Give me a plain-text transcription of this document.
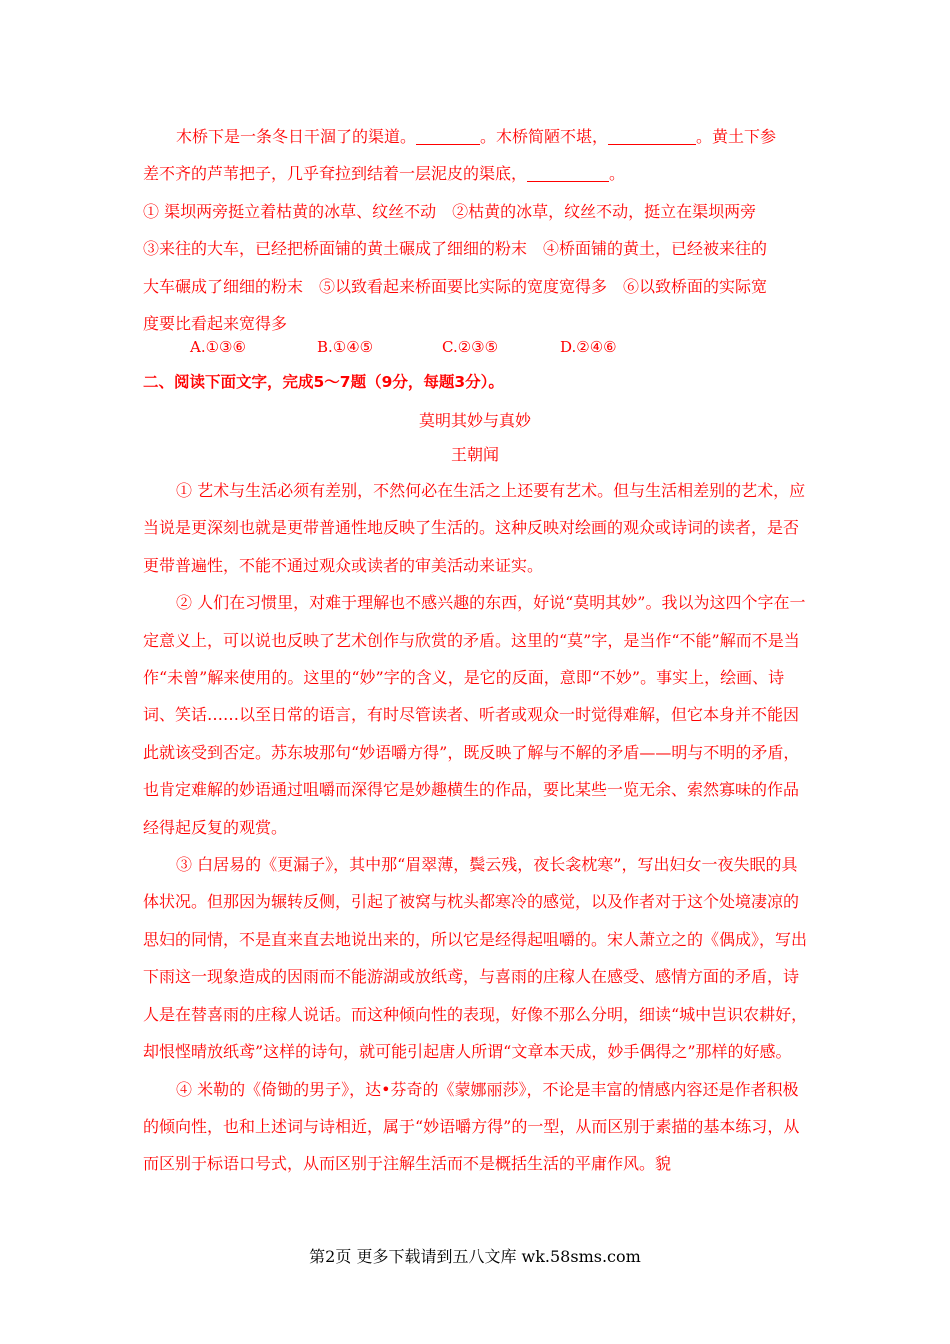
木桥下是一条冬日干涸了的渠道。	。木桥简陋不堪，	。黄土下参

差不齐的芦苇把子，几乎耷拉到结着一层泥皮的渠底，	。

① 渠坝两旁挺立着枯黄的冰草、纹丝不动　②枯黄的冰草，纹丝不动，挺立在渠坝两旁

③来往的大车，已经把桥面铺的黄土碾成了细细的粉末　④桥面铺的黄土，已经被来往的

大车碾成了细细的粉末　⑤以致看起来桥面要比实际的宽度宽得多　⑥以致桥面的实际宽

度要比看起来宽得多

A.①③⑥	B.①④⑤	C.②③⑤	D.②④⑥
二、阅读下面文字，完成5～7题（9分，每题3分）。
莫明其妙与真妙
王朝闻

① 艺术与生活必须有差别，不然何必在生活之上还要有艺术。但与生活相差别的艺术，应当说是更深刻也就是更带普通性地反映了生活的。这种反映对绘画的观众或诗词的读者，是否更带普遍性，不能不通过观众或读者的审美活动来证实。

② 人们在习惯里，对难于理解也不感兴趣的东西，好说“莫明其妙”。我以为这四个字在一定意义上，可以说也反映了艺术创作与欣赏的矛盾。这里的“莫”字，是当作“不能”解而不是当作“未曾”解来使用的。这里的“妙”字的含义，是它的反面，意即“不妙”。事实上，绘画、诗词、笑话……以至日常的语言，有时尽管读者、听者或观众一时觉得难解，但它本身并不能因此就该受到否定。苏东坡那句“妙语嚼方得”，既反映了解与不解的矛盾——明与不明的矛盾，也肯定难解的妙语通过咀嚼而深得它是妙趣横生的作品，要比某些一览无余、索然寡味的作品经得起反复的观赏。

③ 白居易的《更漏子》，其中那“眉翠薄，鬓云残，夜长衾枕寒”，写出妇女一夜失眠的具体状况。但那因为辗转反侧，引起了被窝与枕头都寒冷的感觉，以及作者对于这个处境凄凉的思妇的同情，不是直来直去地说出来的，所以它是经得起咀嚼的。宋人萧立之的《偶成》，写出下雨这一现象造成的因雨而不能游湖或放纸鸢，与喜雨的庄稼人在感受、感情方面的矛盾，诗人是在替喜雨的庄稼人说话。而这种倾向性的表现，好像不那么分明，细读“城中岂识农耕好，却恨悭晴放纸鸢”这样的诗句，就可能引起唐人所谓“文章本天成，妙手偶得之”那样的好感。

④ 米勒的《倚锄的男子》，达•芬奇的《蒙娜丽莎》，不论是丰富的情感内容还是作者积极的倾向性，也和上述词与诗相近，属于“妙语嚼方得”的一型，从而区别于素描的基本练习，从而区别于标语口号式，从而区别于注解生活而不是概括生活的平庸作风。貌

第2页 更多下载请到五八文库 wk.58sms.com
